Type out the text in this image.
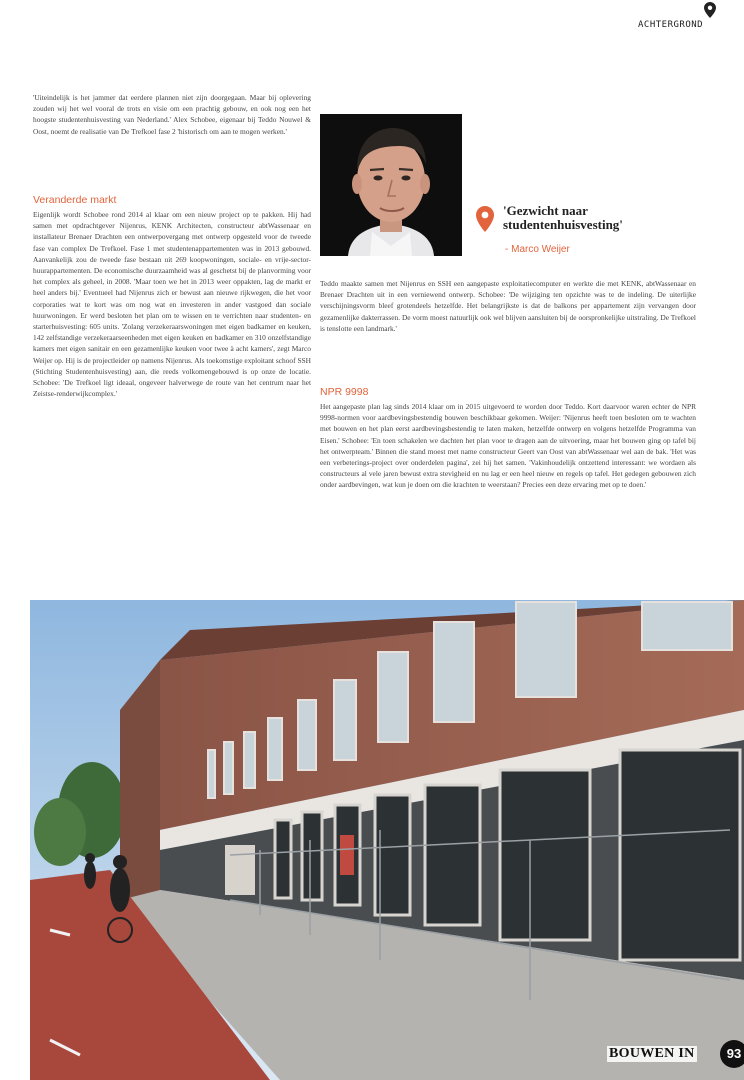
ACHTERGROND

'Uiteindelijk is het jammer dat eerdere plannen niet zijn doorgegaan. Maar bij oplevering zouden wij het wel vooral de trots en visie om een prachtig gebouw, en ook nog een het hoogste studentenhuisvesting van Nederland.' Alex Schobee, eigenaar bij Teddo Nouwel & Oost, noemt de realisatie van De Trefkoel fase 2 'historisch om aan te mogen werken.'

Veranderde markt

Eigenlijk wordt Schobee rond 2014 al klaar om een nieuw project op te pakken. Hij had samen met opdrachtgever Nijenrus, KENK Architecten, constructeur abtWassenaar en installateur Brenaer Drachten een ontwerpovergang met ontwerp opgesteld voor de tweede fase van complex De Trefkoel. Fase 1 met studentenappartementen was in 2013 gebouwd. Aanvankelijk zou de tweede fase bestaan uit 269 koopwoningen, sociale- en vrije-sector-huurappartementen. De economische duurzaamheid was al geschetst bij de planvorming voor het complex als geheel, in 2008. 'Maar toen we het in 2013 weer oppakten, lag de markt er heel anders bij.' Eventueel had Nijenrus zich er bewust aan nieuwe rijkwegen, die het voor corporaties wat te kort was om nog wat en investeren in ander vastgoed dan sociale huurwoningen. Er werd besloten het plan om te wissen en te verrichten naar studenten- en starterhuisvesting: 605 units. 'Zolang verzekeraarswoningen met eigen badkamer en keuken, 142 zelfstandige verzekeraarseenheden met eigen keuken en badkamer en 310 onzelfstandige kamers met eigen sanitair en een gezamenlijke keuken voor twee à acht kamers', zegt Marco Weijer op. Hij is de projectleider op namens Nijenrus. Als toekomstige exploitant schoof SSH (Stichting Studentenhuisvesting) aan, die reeds volkomengebouwd is op onze de locatie. Schobee: 'De Trefkoel ligt ideaal, ongeveer halverwege de route van het centrum naar het Zeistse-renderwijkcomplex.'

'Gezwicht naar studentenhuisvesting'
- Marco Weijer

Teddo maakte samen met Nijenrus en SSH een aangepaste exploitatiecomputer en werkte die met KENK, abtWassenaar en Brenaer Drachten uit in een verniewend ontwerp. Schobee: 'De wijziging ten opzichte was te de indeling. De uiterlijke verschijningsvorm bleef grotendeels hetzelfde. Het belangrijkste is dat de balkons per appartement zijn vervangen door gezamenlijke dakterrassen. De vorm moest natuurlijk ook wel blijven aansluiten bij de oorspronkelijke uitstraling. De Trefkoel is tenslotte een landmark.'

NPR 9998

Het aangepaste plan lag sinds 2014 klaar om in 2015 uitgevoerd te worden door Teddo. Kort daarvoor waren echter de NPR 9998-normen voor aardbevingsbestendig bouwen beschikbaar gekomen. Weijer: 'Nijenrus heeft toen besloten om te wachten met bouwen en het plan eerst aardbevingsbestendig te laten maken, hetzelfde ontwerp en volgens hetzelfde Programma van Eisen.' Schobee: 'En toen schakelen we dachten het plan voor te dragen aan de uitvoering, maar het bouwen ging op tafel bij het ontwerpteam.' Binnen die stand moest met name constructeur Geert van Oost van abtWassenaar wel aan de bak. 'Het was een verbeterings-project over onderdelen pagina', zei hij het samen. 'Vakinhoudelijk ontzettend interessant: we wordaen als constructeurs al vele jaren bewust extra stevigheid en nu lag er een heel nieuw en regels op tafel. Het gedegen gebouwen zich onder aardbevingen, wat kun je doen om die krachten te weerstaan? Precies een deze ervaring met op te doen.'

BOUWEN IN	93
